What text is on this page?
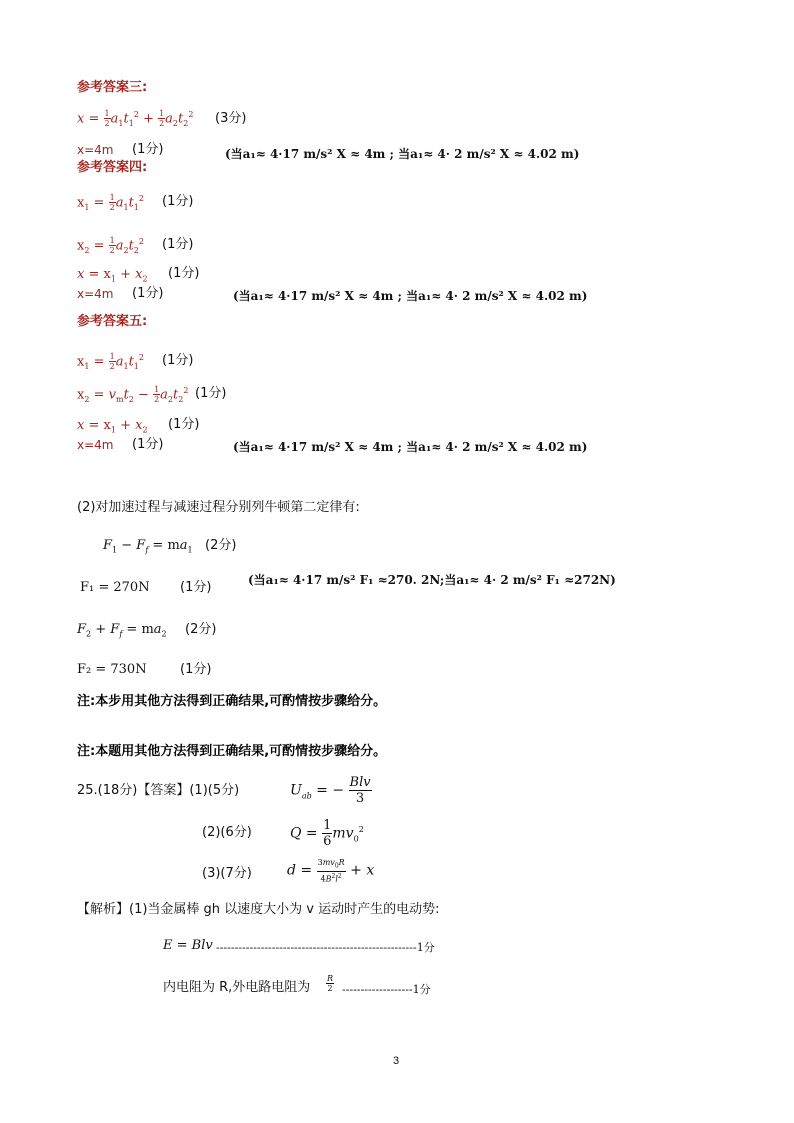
参考答案三:
$x = \frac{1}{2} a_1t_1^2 + \frac{1}{2} a_2t_2^2$ (3分)
x=4m (1分)	(当a₁≈ 4·17 m/s² X ≈ 4m ; 当a₁≈ 4· 2 m/s² X ≈ 4.02 m)
参考答案四:
$x_1 = \frac{1}{2} a_1t_1^2$ (1分)
$x_2 = \frac{1}{2} a_2t_2^2$ (1分)
$x = x_1 + x_2$ (1分)
x=4m (1分)	(当a₁≈ 4·17 m/s² X ≈ 4m ; 当a₁≈ 4· 2 m/s² X ≈ 4.02 m)
参考答案五:
$x_1 = \frac{1}{2} a_1t_1^2$ (1分)
$x_2 = v_mt_2 - \frac{1}{2} a_2t_2^2$ (1分)
$x = x_1 + x_2$ (1分)
x=4m (1分)	(当a₁≈ 4·17 m/s² X ≈ 4m ; 当a₁≈ 4· 2 m/s² X ≈ 4.02 m)
(2)对加速过程与减速过程分别列牛顿第二定律有:
$F_1 - F_f = ma_1$ (2分)
F₁ = 270N (1分)	(当a₁≈ 4·17 m/s² F₁ ≈270. 2N;当a₁≈ 4· 2 m/s² F₁ ≈272N)
$F_2 + F_f = ma_2$ (2分)
F₂ = 730N	(1分)
注:本步用其他方法得到正确结果,可酌情按步骤给分。
注:本题用其他方法得到正确结果,可酌情按步骤给分。
25.(18分)【答案】(1)(5分)	$U_{ab}$ = − $\frac{\text{Blv}}{3}$
(2)(6分)	$Q = \frac{1}{6} mv_0^2$
(3)(7分)	$d = \frac{3mv_0R}{4B^2l^2} + x$
【解析】(1)当金属棒 gh 以速度大小为 v 运动时产生的电动势:
E = Blv ------------------------------------------------------1分
内电阻为 R,外电路电阻为 $\frac{R}{2} -------------------1$分
3
